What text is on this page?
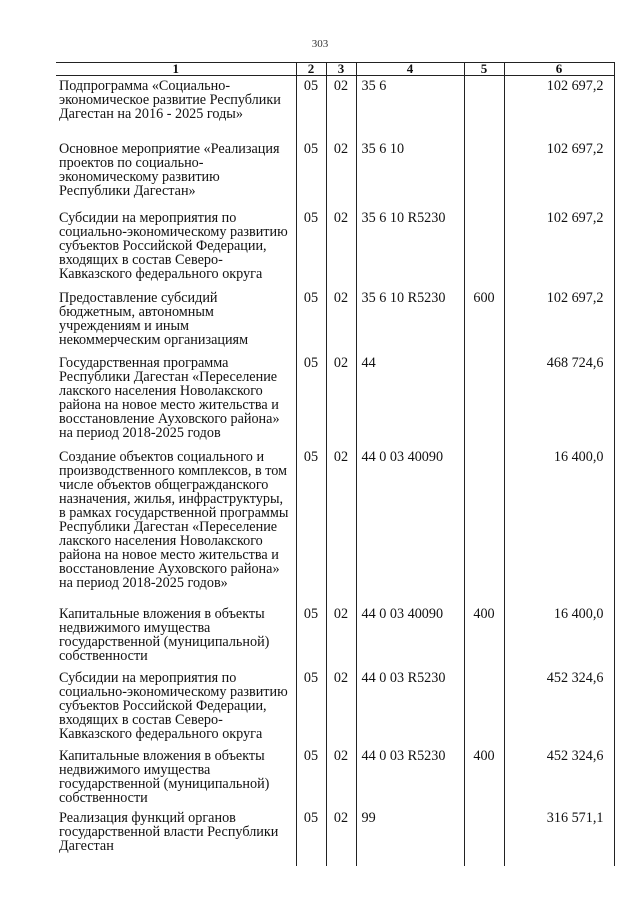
303
1	2	3	4	5	6
Подпрограмма «Социально-экономическое развитие Республики Дагестан на 2016 - 2025 годы»	05	02	35 6		102 697,2
Основное мероприятие «Реализация проектов по социально-экономическому развитию Республики Дагестан»	05	02	35 6 10		102 697,2
Субсидии на мероприятия по социально-экономическому развитию субъектов Российской Федерации, входящих в состав Северо-Кавказского федерального округа	05	02	35 6 10 R5230		102 697,2
Предоставление субсидий бюджетным, автономным учреждениям и иным некоммерческим организациям	05	02	35 6 10 R5230	600	102 697,2
Государственная программа Республики Дагестан «Переселение лакского населения Новолакского района на новое место жительства и восстановление Ауховского района» на период 2018-2025 годов	05	02	44		468 724,6
Создание объектов социального и производственного комплексов, в том числе объектов общегражданского назначения, жилья, инфраструктуры, в рамках государственной программы Республики Дагестан «Переселение лакского населения Новолакского района на новое место жительства и восстановление Ауховского района» на период 2018-2025 годов»	05	02	44 0 03 40090		16 400,0
Капитальные вложения в объекты недвижимого имущества государственной (муниципальной) собственности	05	02	44 0 03 40090	400	16 400,0
Субсидии на мероприятия по социально-экономическому развитию субъектов Российской Федерации, входящих в состав Северо-Кавказского федерального округа	05	02	44 0 03 R5230		452 324,6
Капитальные вложения в объекты недвижимого имущества государственной (муниципальной) собственности	05	02	44 0 03 R5230	400	452 324,6
Реализация функций органов государственной власти Республики Дагестан	05	02	99		316 571,1
